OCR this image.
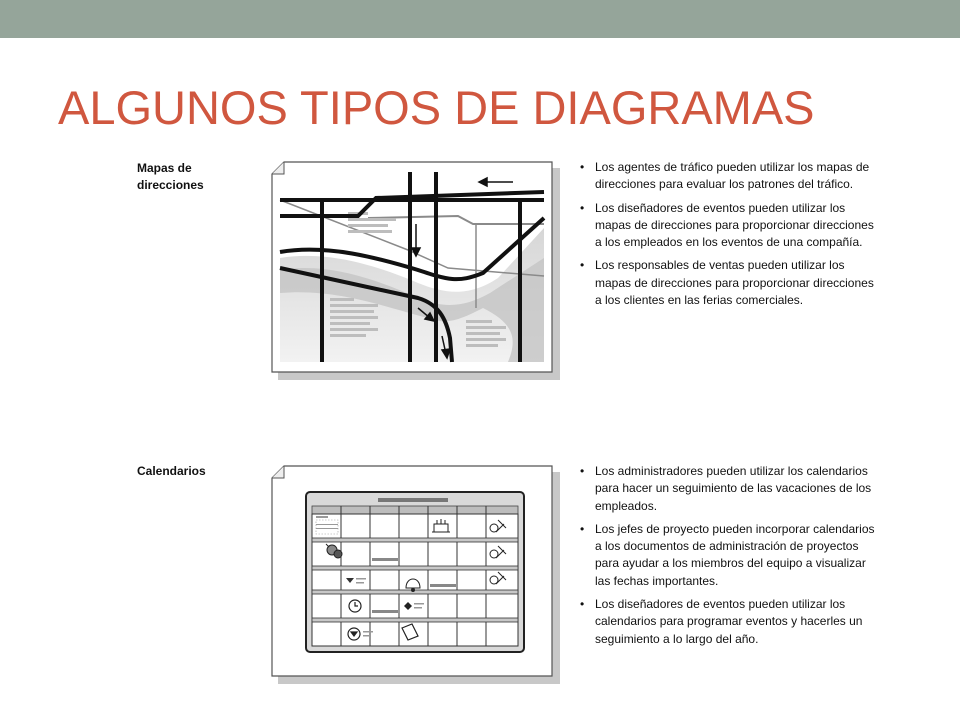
ALGUNOS TIPOS DE DIAGRAMAS
Mapas de
direcciones
• Los agentes de tráfico pueden utilizar los mapas de direcciones para evaluar los patrones del tráfico.
• Los diseñadores de eventos pueden utilizar los mapas de direcciones para proporcionar direcciones a los empleados en los eventos de una compañía.
• Los responsables de ventas pueden utilizar los mapas de direcciones para proporcionar direcciones a los clientes en las ferias comerciales.
Calendarios
•	Los administradores pueden utilizar los calendarios para hacer un seguimiento de las vacaciones de los empleados.
• Los jefes de proyecto pueden incorporar calendarios a los documentos de administración de proyectos para ayudar a los miembros del equipo a visualizar las fechas importantes.
• Los diseñadores de eventos pueden utilizar los calendarios para programar eventos y hacerles un seguimiento a lo largo del año.
